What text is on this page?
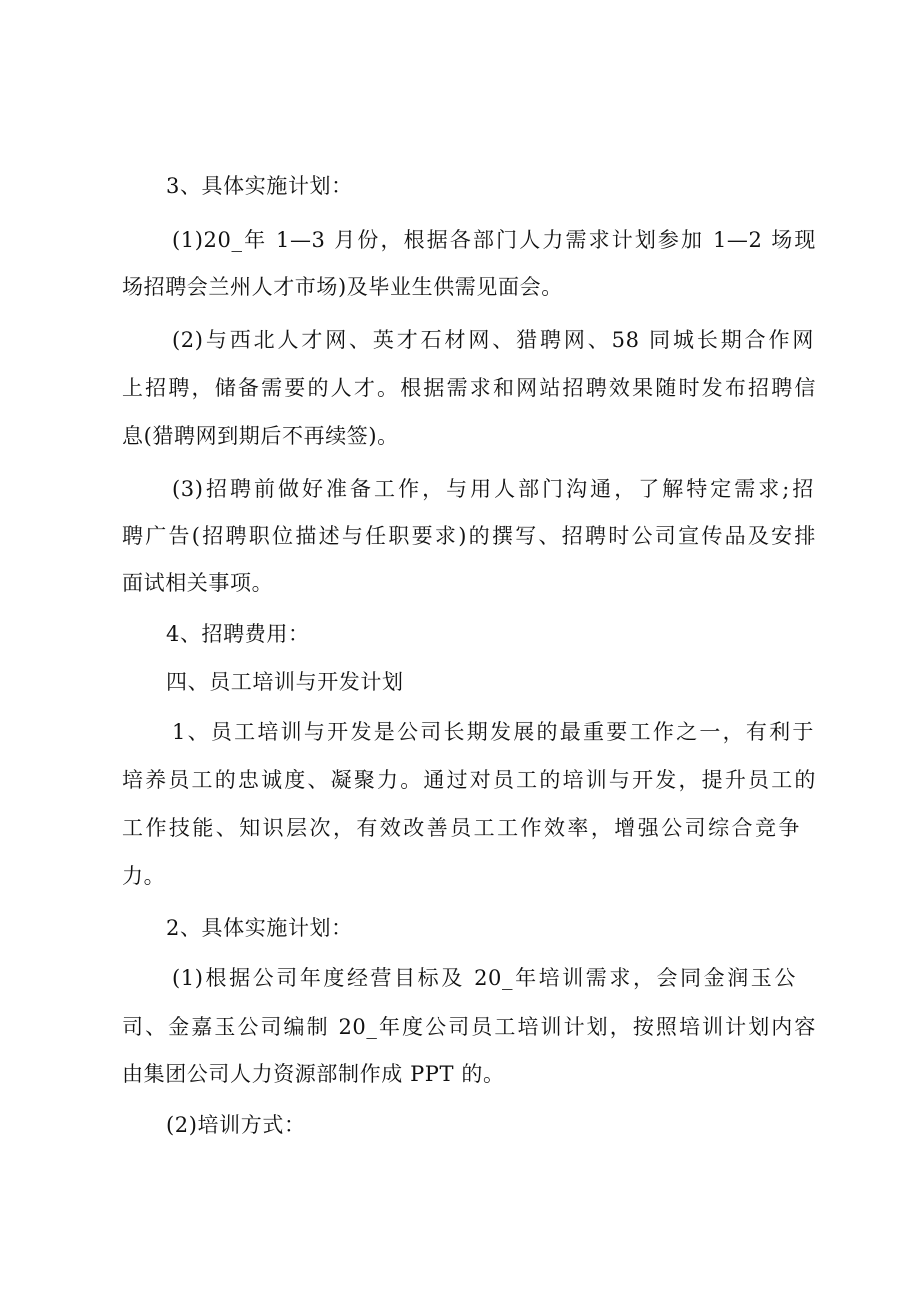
3、具体实施计划：
(1)20_年 1—3 月份，根据各部门人力需求计划参加 1—2 场现
场招聘会兰州人才市场)及毕业生供需见面会。
(2)与西北人才网、英才石材网、猎聘网、58 同城长期合作网
上招聘，储备需要的人才。根据需求和网站招聘效果随时发布招聘信
息(猎聘网到期后不再续签)。
(3)招聘前做好准备工作，与用人部门沟通，了解特定需求;招
聘广告(招聘职位描述与任职要求)的撰写、招聘时公司宣传品及安排
面试相关事项。
4、招聘费用：
四、员工培训与开发计划
1、员工培训与开发是公司长期发展的最重要工作之一，有利于
培养员工的忠诚度、凝聚力。通过对员工的培训与开发，提升员工的
工作技能、知识层次，有效改善员工工作效率，增强公司综合竞争
力。
2、具体实施计划：
(1)根据公司年度经营目标及 20_年培训需求，会同金润玉公
司、金嘉玉公司编制 20_年度公司员工培训计划，按照培训计划内容
由集团公司人力资源部制作成 PPT 的。
(2)培训方式：
